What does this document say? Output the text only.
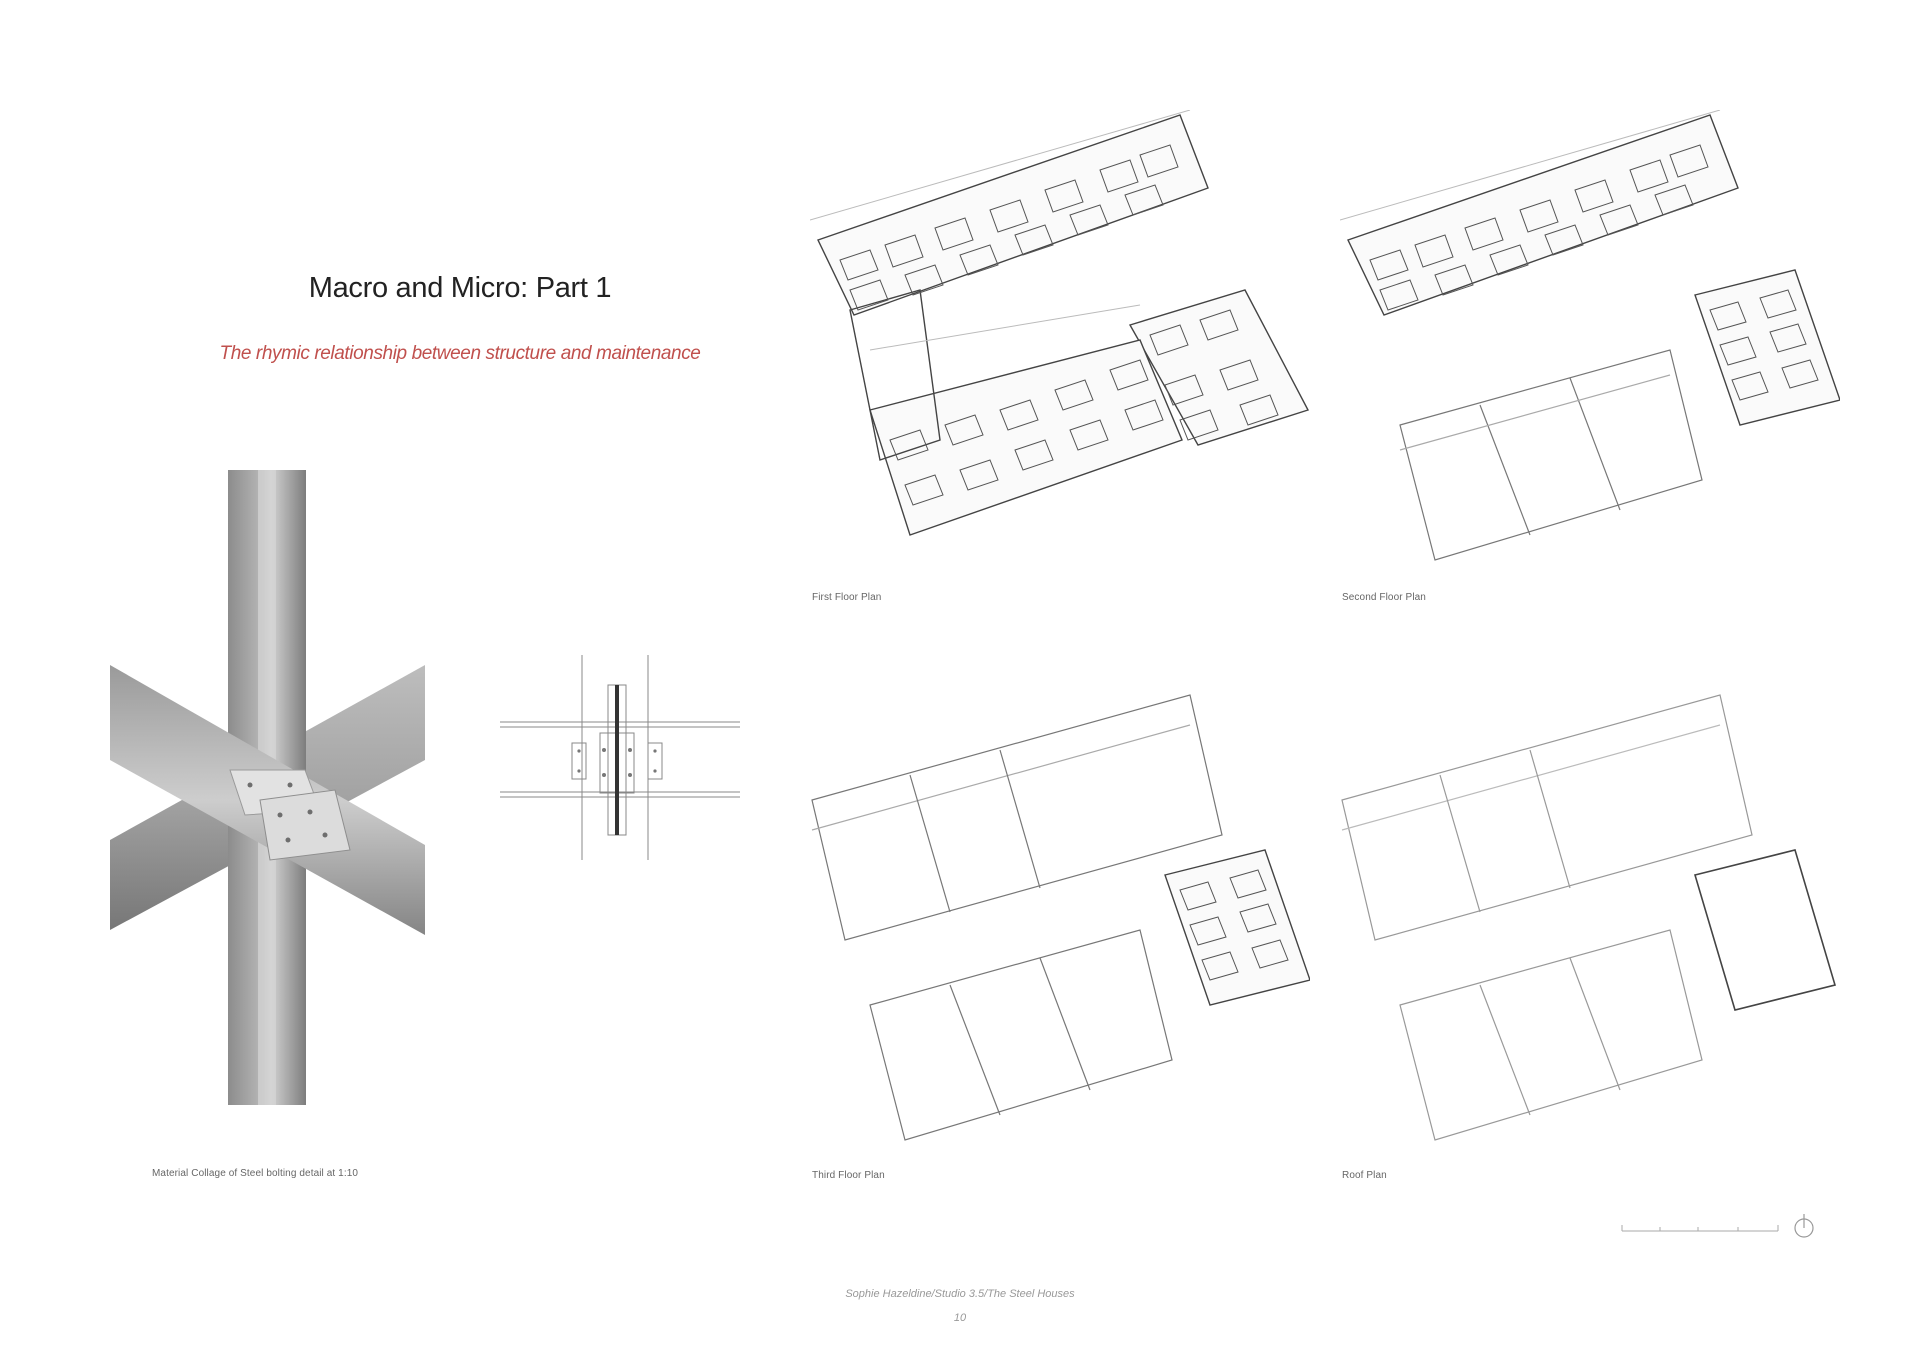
Macro and Micro: Part 1
The rhymic relationship between structure and maintenance
First Floor Plan	Second Floor Plan
Third Floor Plan	Roof Plan
Material Collage of Steel bolting detail at 1:10
Sophie Hazeldine/Studio 3.5/The Steel Houses
10
